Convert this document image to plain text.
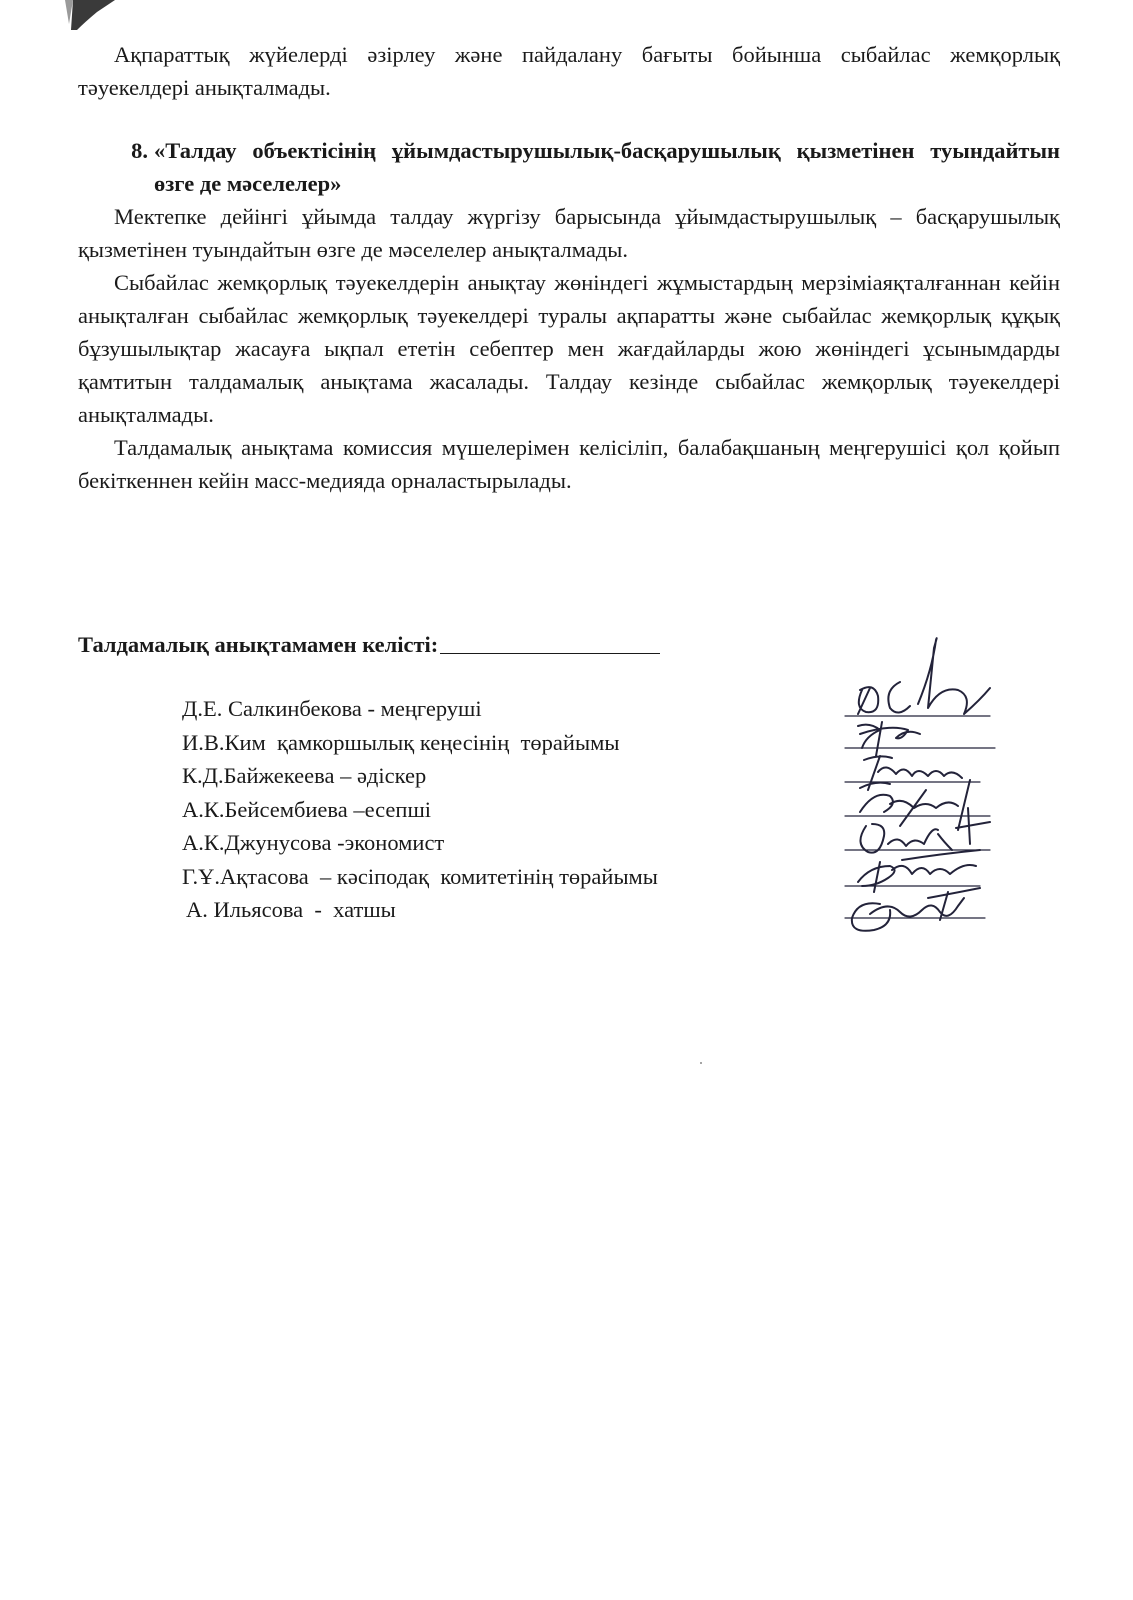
Ақпараттық жүйелерді әзірлеу және пайдалану бағыты бойынша сыбайлас жемқорлық тәуекелдері анықталмады.

8. «Талдау объектісінің ұйымдастырушылық-басқарушылық қызметінен туындайтын өзге де мәселелер»

Мектепке дейінгі ұйымда талдау жүргізу барысында ұйымдастырушылық – басқарушылық қызметінен туындайтын өзге де мәселелер анықталмады.

Сыбайлас жемқорлық тәуекелдерін анықтау жөніндегі жұмыстардың мерзіміаяқталғаннан кейін анықталған сыбайлас жемқорлық тәуекелдері туралы ақпаратты және сыбайлас жемқорлық құқық бұзушылықтар жасауға ықпал ететін себептер мен жағдайларды жою жөніндегі ұсынымдарды қамтитын талдамалық анықтама жасалады. Талдау кезінде сыбайлас жемқорлық тәуекелдері анықталмады.

Талдамалық анықтама комиссия мүшелерімен келісіліп, балабақшаның меңгерушісі қол қойып бекіткеннен кейін масс-медияда орналастырылады.

Талдамалық анықтамамен келісті:
Д.Е. Салкинбекова - меңгеруші
И.В.Ким  қамкоршылық кеңесінің  төрайымы
К.Д.Байжекеева – әдіскер
А.К.Бейсембиева –есепші
А.К.Джунусова -экономист
Г.Ұ.Ақтасова  – кәсіподақ  комитетінің төрайымы
А. Ильясова  -  хатшы
